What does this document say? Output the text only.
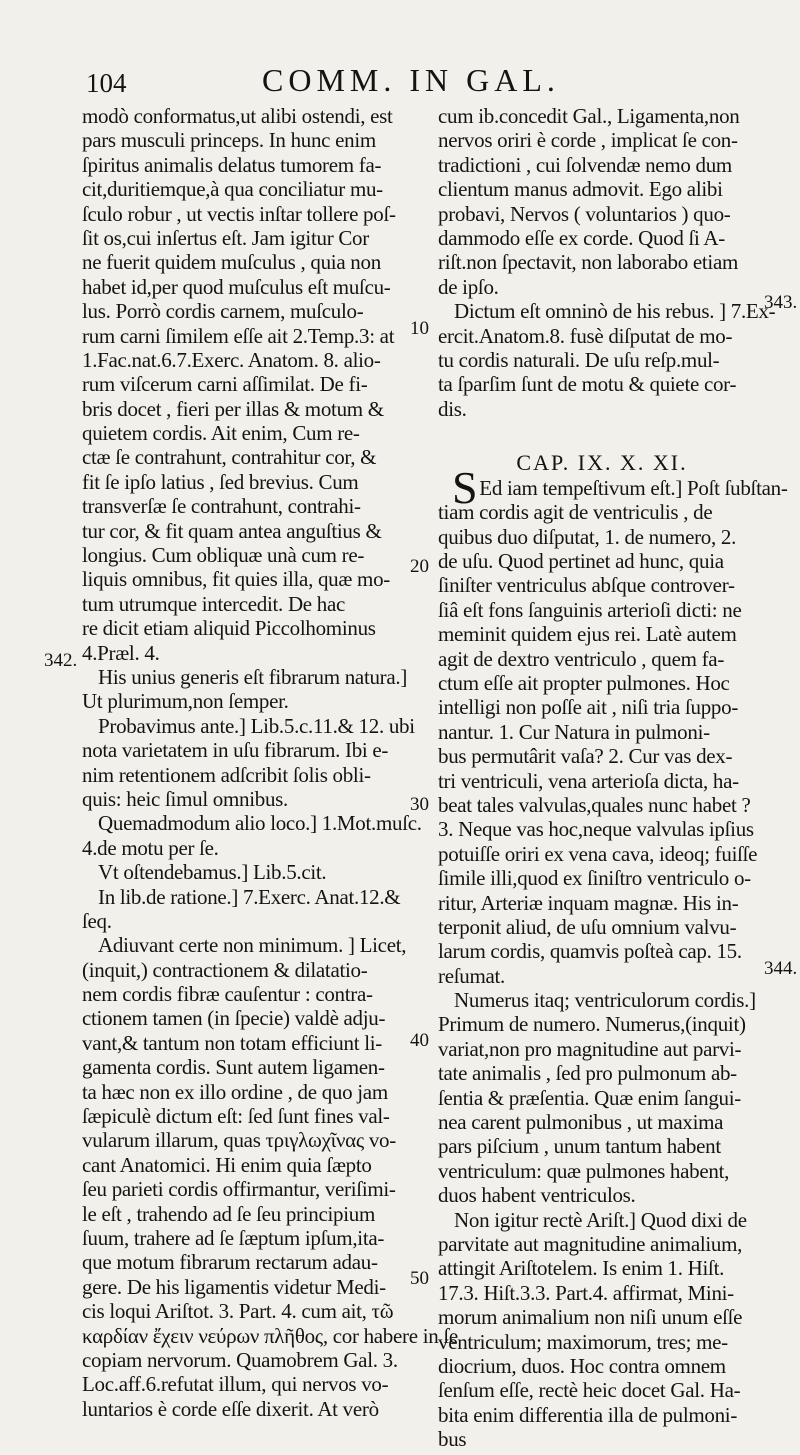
104	COMM. IN GAL.
modò conformatus,ut alibi ostendi, est
pars musculi princeps. In hunc enim
ſpiritus animalis delatus tumorem fa-
cit,duritiemque,à qua conciliatur mu-
ſculo robur , ut vectis inſtar tollere poſ-
ſit os,cui inſertus eſt. Jam igitur Cor
ne fuerit quidem muſculus , quia non
habet id,per quod muſculus eſt muſcu-
lus. Porrò cordis carnem, muſculo-
rum carni ſimilem eſſe ait 2.Temp.3: at
1.Fac.nat.6.7.Exerc. Anatom. 8. alio-
rum viſcerum carni aſſimilat. De fi-
bris docet , fieri per illas & motum &
quietem cordis. Ait enim, Cum re-
ctæ ſe contrahunt, contrahitur cor, &
fit ſe ipſo latius , ſed brevius. Cum
transverſæ ſe contrahunt, contrahi-
tur cor, & fit quam antea anguſtius &
longius. Cum obliquæ unà cum re-
liquis omnibus, fit quies illa, quæ mo-
tum utrumque intercedit. De hac
re dicit etiam aliquid Piccolhominus
4.Præl. 4.
His unius generis eſt fibrarum natura.]
Ut plurimum,non ſemper.
Probavimus ante.] Lib.5.c.11.& 12. ubi
nota varietatem in uſu fibrarum. Ibi e-
nim retentionem adſcribit ſolis obli-
quis: heic ſimul omnibus.
Quemadmodum alio loco.] 1.Mot.muſc.
4.de motu per ſe.
Vt oſtendebamus.] Lib.5.cit.
In lib.de ratione.] 7.Exerc. Anat.12.&
ſeq.
Adiuvant certe non minimum. ] Licet,
(inquit,) contractionem & dilatatio-
nem cordis fibræ cauſentur : contra-
ctionem tamen (in ſpecie) valdè adju-
vant,& tantum non totam efficiunt li-
gamenta cordis. Sunt autem ligamen-
ta hæc non ex illo ordine , de quo jam
ſæpiculè dictum eſt: ſed ſunt fines val-
vularum illarum, quas τριγλωχῖνας vo-
cant Anatomici. Hi enim quia ſæpto
ſeu parieti cordis offirmantur, veriſimi-
le eſt , trahendo ad ſe ſeu principium
ſuum, trahere ad ſe ſæptum ipſum,ita-
que motum fibrarum rectarum adau-
gere. De his ligamentis videtur Medi-
cis loqui Ariſtot. 3. Part. 4. cum ait, τῶ
καρδίαν ἔχειν νεύρων πλῆθος, cor habere in ſe
copiam nervorum. Quamobrem Gal. 3.
Loc.aff.6.refutat illum, qui nervos vo-
luntarios è corde eſſe dixerit. At verò
cum ib.concedit Gal., Ligamenta,non
nervos oriri è corde , implicat ſe con-
tradictioni , cui ſolvendæ nemo dum
clientum manus admovit. Ego alibi
probavi, Nervos ( voluntarios ) quo-
dammodo eſſe ex corde. Quod ſi A-
riſt.non ſpectavit, non laborabo etiam
de ipſo.
Dictum eſt omninò de his rebus. ] 7.Ex-
ercit.Anatom.8. fusè diſputat de mo-
tu cordis naturali. De uſu reſp.mul-
ta ſparſim ſunt de motu & quiete cor-
dis.
CAP. IX. X. XI.
S Ed iam tempeſtivum eſt.] Poſt ſubſtan-
tiam cordis agit de ventriculis , de
quibus duo diſputat, 1. de numero, 2.
de uſu. Quod pertinet ad hunc, quia
ſiniſter ventriculus abſque controver-
ſiâ eſt fons ſanguinis arterioſi dicti: ne
meminit quidem ejus rei. Latè autem
agit de dextro ventriculo , quem fa-
ctum eſſe ait propter pulmones. Hoc
intelligi non poſſe ait , niſi tria ſuppo-
nantur. 1. Cur Natura in pulmoni-
bus permutârit vaſa? 2. Cur vas dex-
tri ventriculi, vena arterioſa dicta, ha-
beat tales valvulas,quales nunc habet ?
3. Neque vas hoc,neque valvulas ipſius
potuiſſe oriri ex vena cava, ideoq; fuiſſe
ſimile illi,quod ex ſiniſtro ventriculo o-
ritur, Arteriæ inquam magnæ. His in-
terponit aliud, de uſu omnium valvu-
larum cordis, quamvis poſteà cap. 15.
reſumat.
Numerus itaq; ventriculorum cordis.]
Primum de numero. Numerus,(inquit)
variat,non pro magnitudine aut parvi-
tate animalis , ſed pro pulmonum ab-
ſentia & præſentia. Quæ enim ſangui-
nea carent pulmonibus , ut maxima
pars piſcium , unum tantum habent
ventriculum: quæ pulmones habent,
duos habent ventriculos.
Non igitur rectè Ariſt.] Quod dixi de
parvitate aut magnitudine animalium,
attingit Ariſtotelem. Is enim 1. Hiſt.
17.3. Hiſt.3.3. Part.4. affirmat, Mini-
morum animalium non niſi unum eſſe
ventriculum; maximorum, tres; me-
diocrium, duos. Hoc contra omnem
ſenſum eſſe, rectè heic docet Gal. Ha-
bita enim differentia illa de pulmoni-
bus
342.
343.
344.
10
20
30
40
50
